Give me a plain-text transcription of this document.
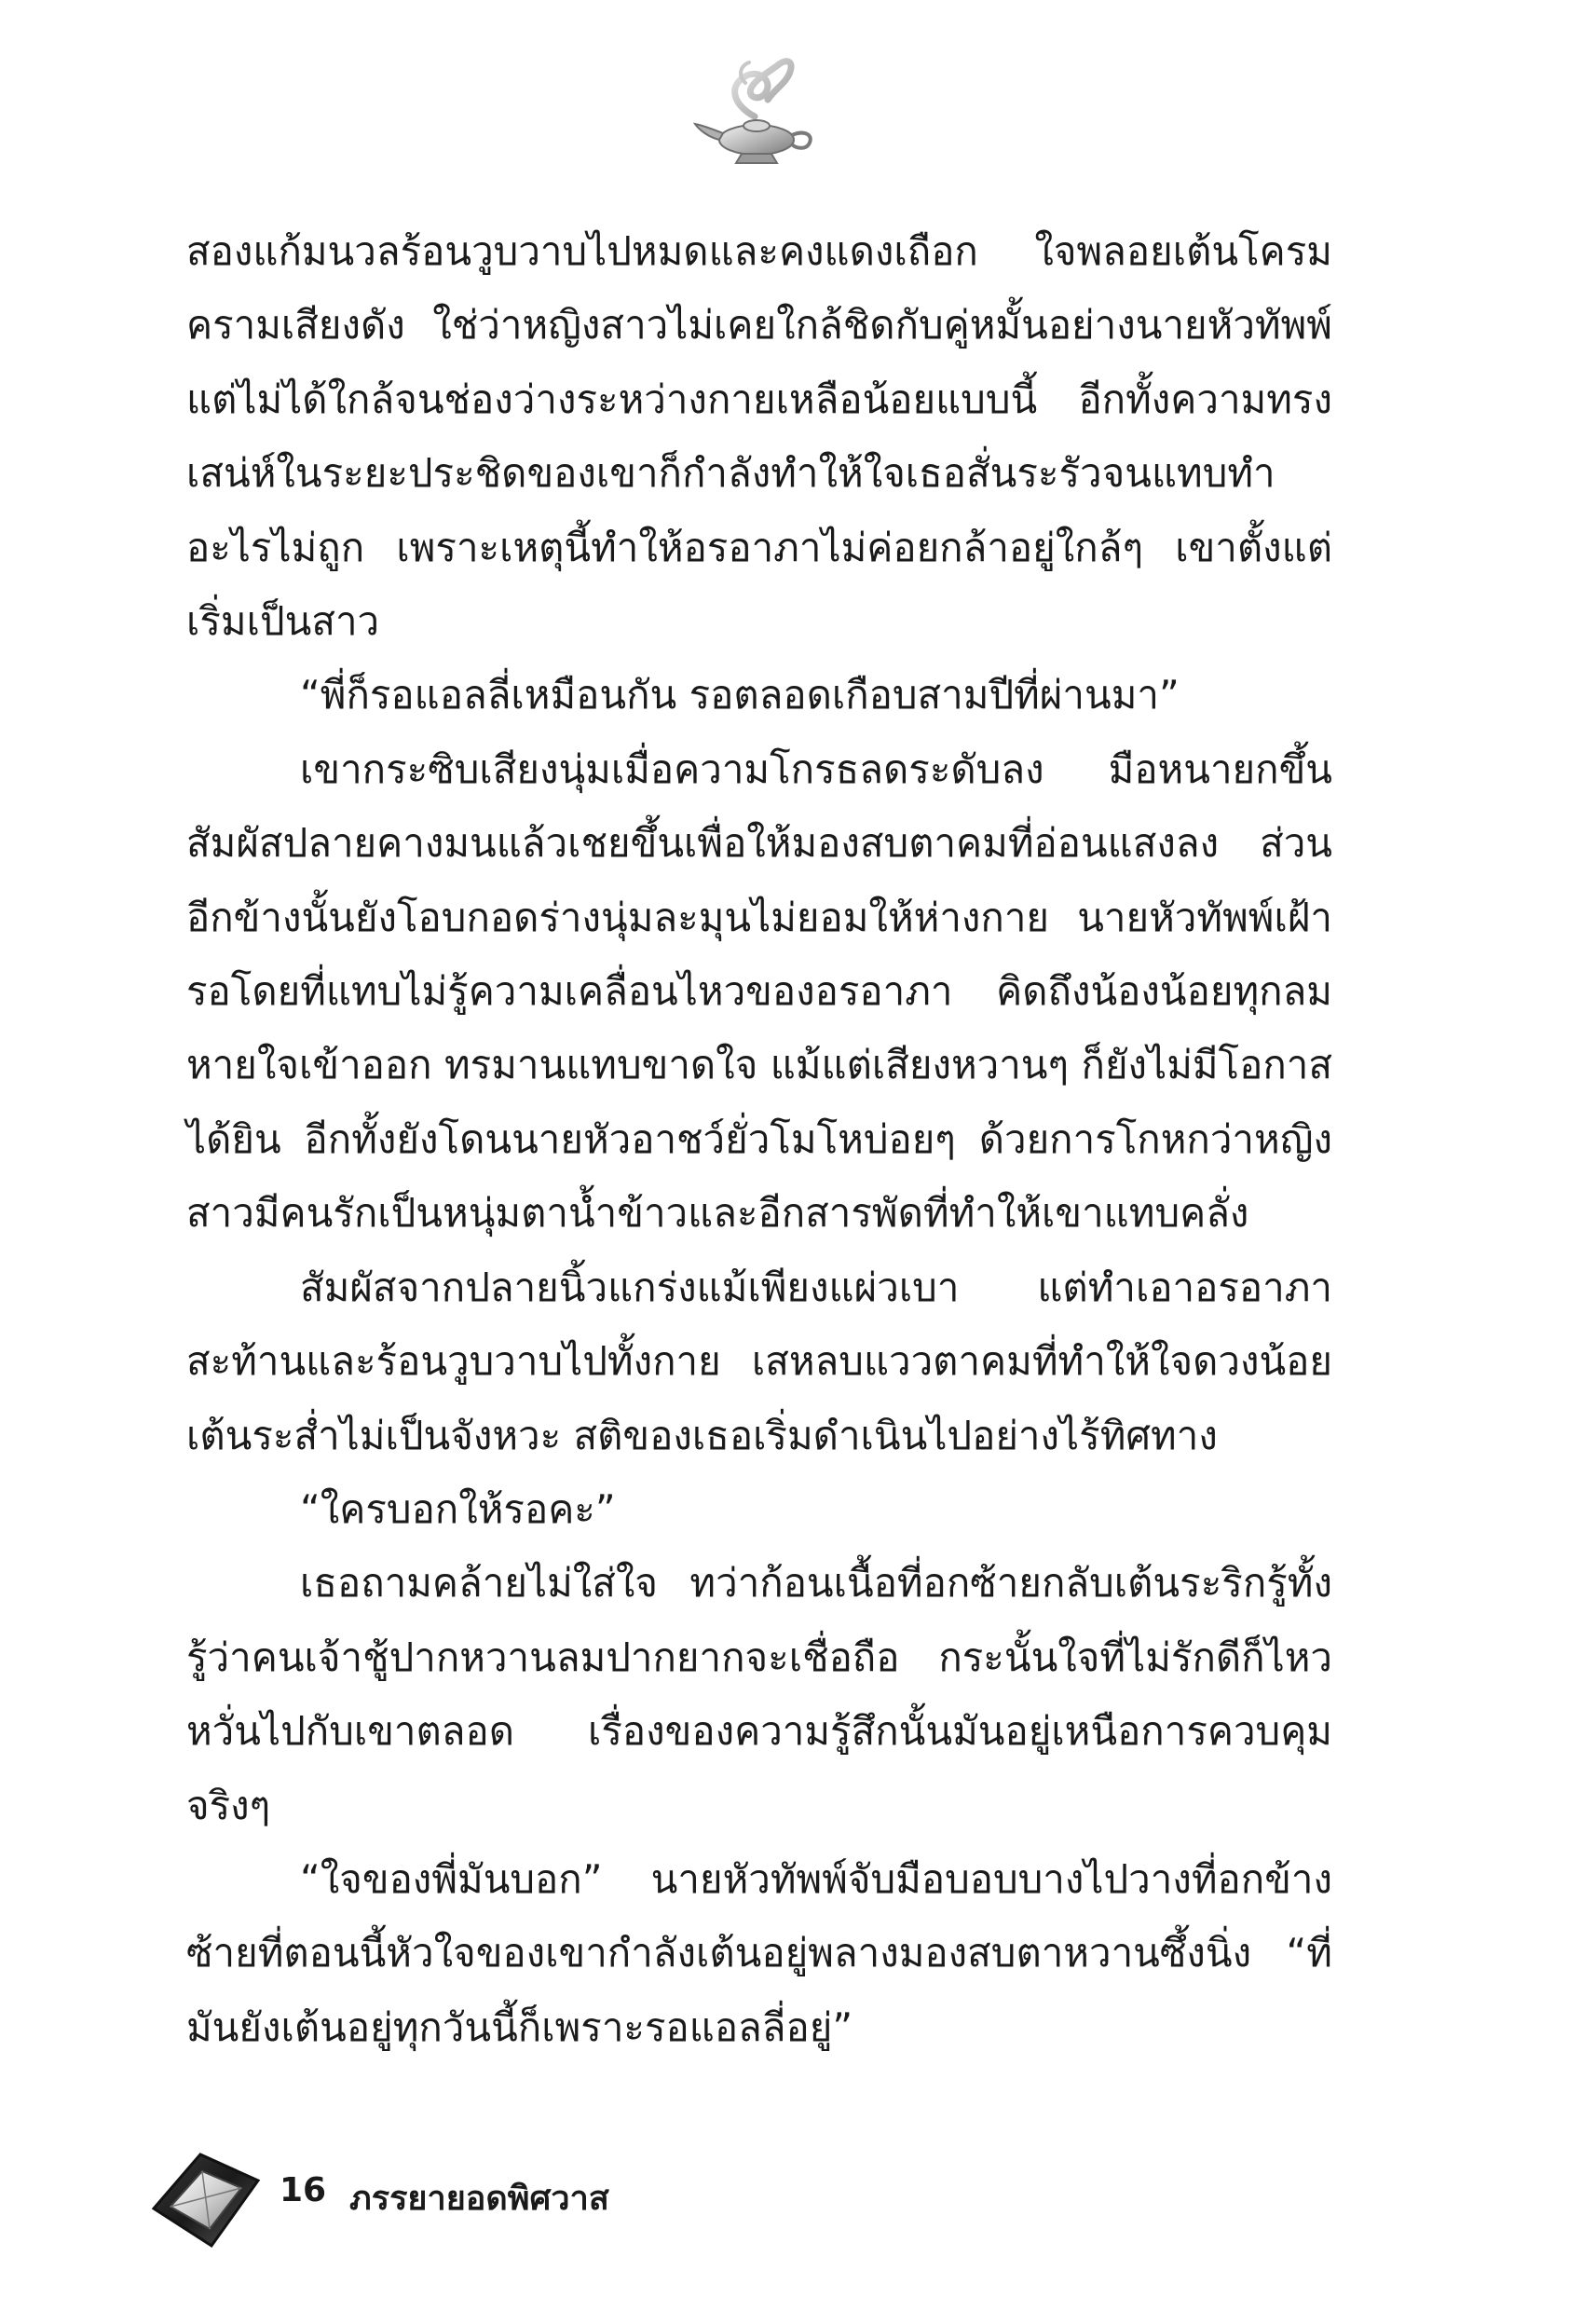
สองแก้มนวลร้อนวูบวาบไปหมดและคงแดงเถือก ใจพลอยเต้นโครมครามเสียงดัง ใช่ว่าหญิงสาวไม่เคยใกล้ชิดกับคู่หมั้นอย่างนายหัวทัพพ์ แต่ไม่ได้ใกล้จนช่องว่างระหว่างกายเหลือน้อยแบบนี้ อีกทั้งความทรงเสน่ห์ในระยะประชิดของเขาก็กำลังทำให้ใจเธอสั่นระรัวจนแทบทำอะไรไม่ถูก เพราะเหตุนี้ทำให้อรอาภาไม่ค่อยกล้าอยู่ใกล้ๆ เขาตั้งแต่เริ่มเป็นสาว

“พี่ก็รอแอลลี่เหมือนกัน รอตลอดเกือบสามปีที่ผ่านมา”

เขากระซิบเสียงนุ่มเมื่อความโกรธลดระดับลง มือหนายกขึ้นสัมผัสปลายคางมนแล้วเชยขึ้นเพื่อให้มองสบตาคมที่อ่อนแสงลง ส่วนอีกข้างนั้นยังโอบกอดร่างนุ่มละมุนไม่ยอมให้ห่างกาย นายหัวทัพพ์เฝ้ารอโดยที่แทบไม่รู้ความเคลื่อนไหวของอรอาภา คิดถึงน้องน้อยทุกลมหายใจเข้าออก ทรมานแทบขาดใจ แม้แต่เสียงหวานๆ ก็ยังไม่มีโอกาสได้ยิน อีกทั้งยังโดนนายหัวอาชว์ยั่วโมโหบ่อยๆ ด้วยการโกหกว่าหญิงสาวมีคนรักเป็นหนุ่มตาน้ำข้าวและอีกสารพัดที่ทำให้เขาแทบคลั่ง

สัมผัสจากปลายนิ้วแกร่งแม้เพียงแผ่วเบา แต่ทำเอาอรอาภาสะท้านและร้อนวูบวาบไปทั้งกาย เสหลบแววตาคมที่ทำให้ใจดวงน้อยเต้นระส่ำไม่เป็นจังหวะ สติของเธอเริ่มดำเนินไปอย่างไร้ทิศทาง

“ใครบอกให้รอคะ”

เธอถามคล้ายไม่ใส่ใจ ทว่าก้อนเนื้อที่อกซ้ายกลับเต้นระริกรู้ทั้งรู้ว่าคนเจ้าชู้ปากหวานลมปากยากจะเชื่อถือ กระนั้นใจที่ไม่รักดีก็ไหวหวั่นไปกับเขาตลอด เรื่องของความรู้สึกนั้นมันอยู่เหนือการควบคุมจริงๆ

“ใจของพี่มันบอก” นายหัวทัพพ์จับมือบอบบางไปวางที่อกข้างซ้ายที่ตอนนี้หัวใจของเขากำลังเต้นอยู่พลางมองสบตาหวานซึ้งนิ่ง “ที่มันยังเต้นอยู่ทุกวันนี้ก็เพราะรอแอลลี่อยู่”

16 ภรรยายอดพิศวาส
